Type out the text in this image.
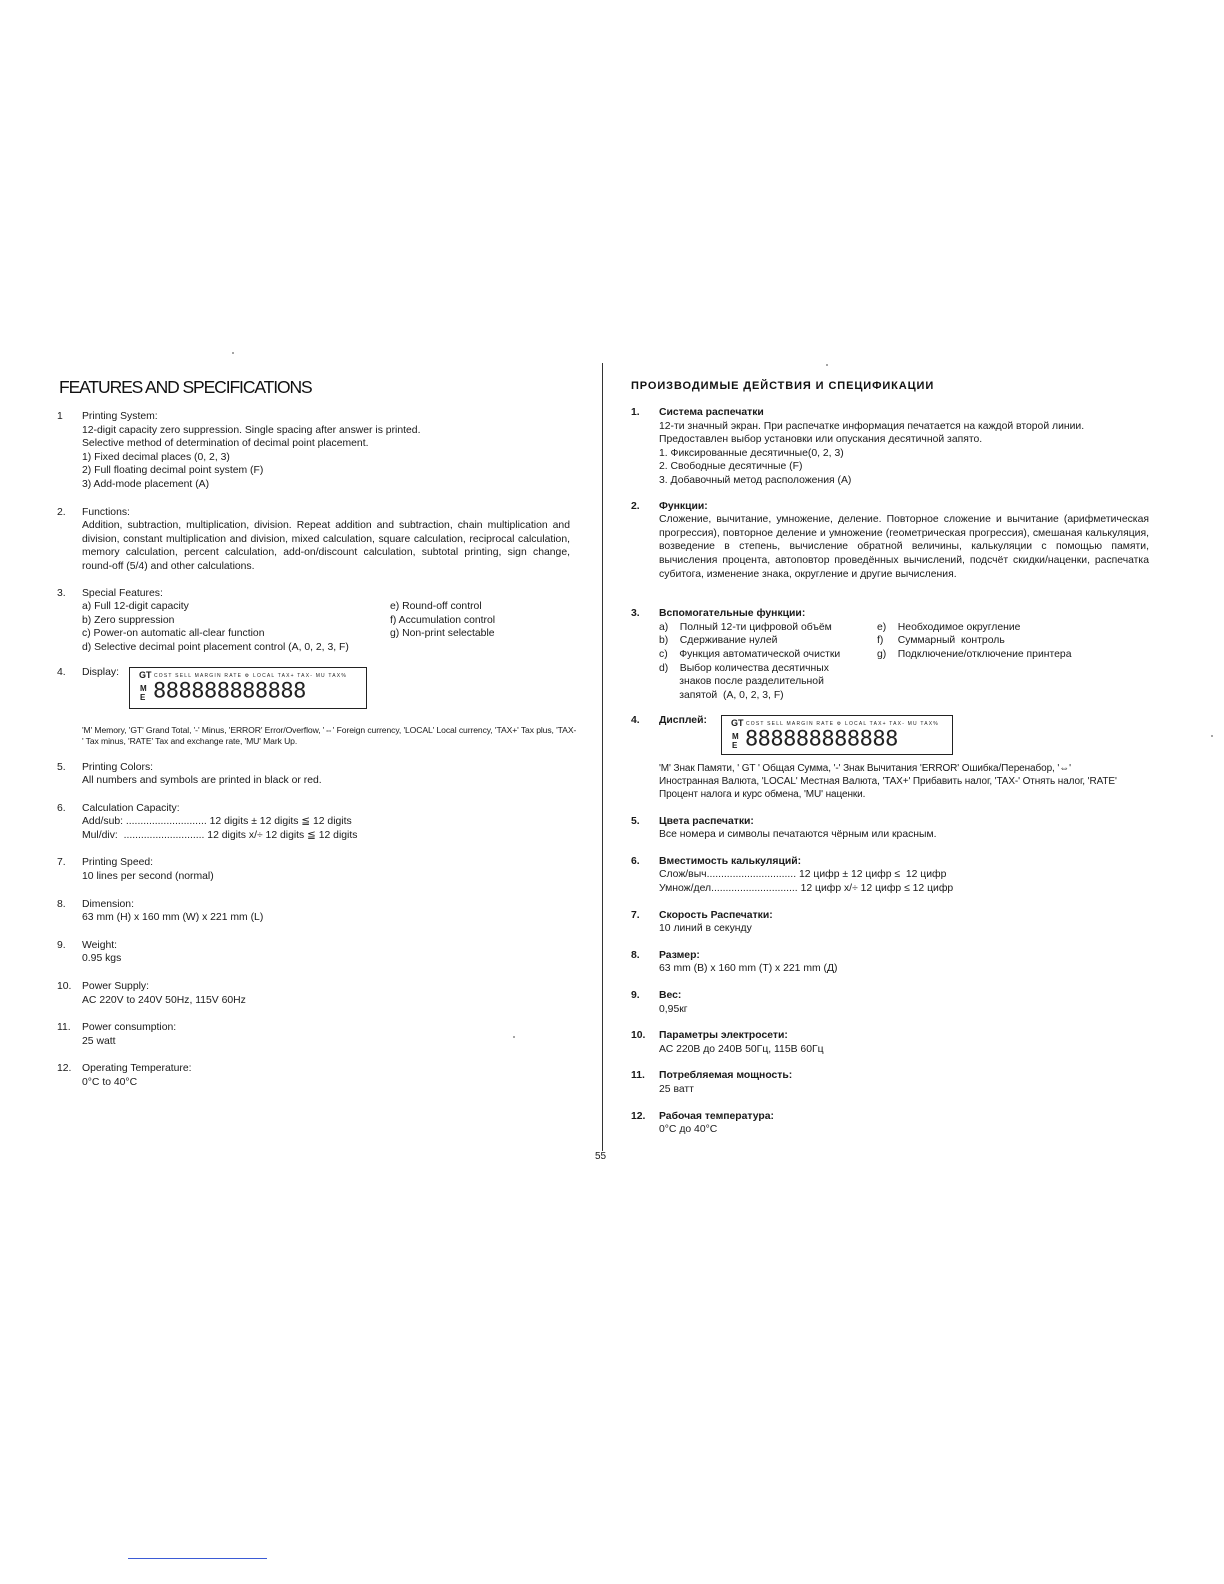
FEATURES AND SPECIFICATIONS
1 Printing System:
12-digit capacity zero suppression. Single spacing after answer is printed.
Selective method of determination of decimal point placement.
1) Fixed decimal places (0, 2, 3)
2) Full floating decimal point system (F)
3) Add-mode placement (A)
2. Functions:
Addition, subtraction, multiplication, division. Repeat addition and subtraction, chain multiplication and division, constant multiplication and division, mixed calculation, square calculation, reciprocal calculation, memory calculation, percent calculation, add-on/discount calculation, subtotal printing, sign change, round-off (5/4) and other calculations.
3. Special Features:
a) Full 12-digit capacity
b) Zero suppression
c) Power-on automatic all-clear function
e) Round-off control
f) Accumulation control
g) Non-print selectable
d) Selective decimal point placement control (A, 0, 2, 3, F)
4. Display: GT COST SELL MARGIN RATE ⚙ LOCAL TAX+ TAX- MU TAX%
M
E 888888888888
'M' Memory, 'GT' Grand Total, '-' Minus, 'ERROR' Error/Overflow, '⇔' Foreign currency, 'LOCAL' Local currency, 'TAX+' Tax plus, 'TAX-' Tax minus, 'RATE' Tax and exchange rate, 'MU' Mark Up.
5. Printing Colors:
All numbers and symbols are printed in black or red.
6. Calculation Capacity:
Add/sub: ............................ 12 digits ± 12 digits ≦ 12 digits
Mul/div:  ............................ 12 digits x/÷ 12 digits ≦ 12 digits
7. Printing Speed:
10 lines per second (normal)
8. Dimension:
63 mm (H) x 160 mm (W) x 221 mm (L)
9. Weight:
0.95 kgs
10. Power Supply:
AC 220V to 240V 50Hz, 115V 60Hz
11. Power consumption:
25 watt
12. Operating Temperature:
0°C to 40°C
ПРОИЗВОДИМЫЕ ДЕЙСТВИЯ И СПЕЦИФИКАЦИИ
1. Система распечатки
12-ти значный экран. При распечатке информация печатается на каждой второй линии.
Предоставлен выбор установки или опускания десятичной запято.
1. Фиксированные десятичные(0, 2, 3)
2. Свободные десятичные (F)
3. Добавочный метод расположения (А)
2. Функции:
Сложение, вычитание, умножение, деление. Повторное сложение и вычитание (арифметическая прогрессия), повторное деление и умножение (геометрическая прогрессия), смешаная калькуляция, возведение в степень, вычисление обратной величины, калькуляции с помощью памяти, вычисления процента, автоповтор проведённых вычислений, подсчёт скидки/наценки, распечатка субитога, изменение знака, округление и другие вычисления.
3. Вспомогательные функции:
a)    Полный 12-ти цифровой объём
b)    Сдерживание нулей
c)    Функция автоматической очистки
d)    Выбор количества десятичных
знаков после разделительной
запятой  (A, 0, 2, 3, F)
e)    Необходимое округление
f)     Суммарный  контроль
g)    Подключение/отключение принтера
4. Дисплей:	GT COST SELL MARGIN RATE ⚙ LOCAL TAX+ TAX- MU TAX%
M
E 888888888888
'M' Знак Памяти, ' GT ' Общая Сумма, '-' Знак Вычитания 'ERROR' Ошибка/Перенабор, '⇔' Иностранная Валюта, 'LOCAL' Местная Валюта, 'TAX+' Прибавить налог, 'TAX-' Отнять налог, 'RATE' Процент налога и курс обмена, 'MU' наценки.
5. Цвета распечатки:
Все номера и символы печатаются чёрным или красным.
6. Вместимость калькуляций:
Слож/выч............................... 12 цифр ± 12 цифр ≤  12 цифр
Умнож/дел.............................. 12 цифр x/÷ 12 цифр ≤ 12 цифр
7. Скорость Распечатки:
10 линий в секунду
8. Размер:
63 mm (В) x 160 mm (Т) x 221 mm (Д)
9. Вес:
0,95кг
10. Параметры электросети:
АС 220В до 240В 50Гц, 115В 60Гц
11. Потребляемая мощность:
25 ватт
12. Рабочая температура:
0°С до 40°С
55
